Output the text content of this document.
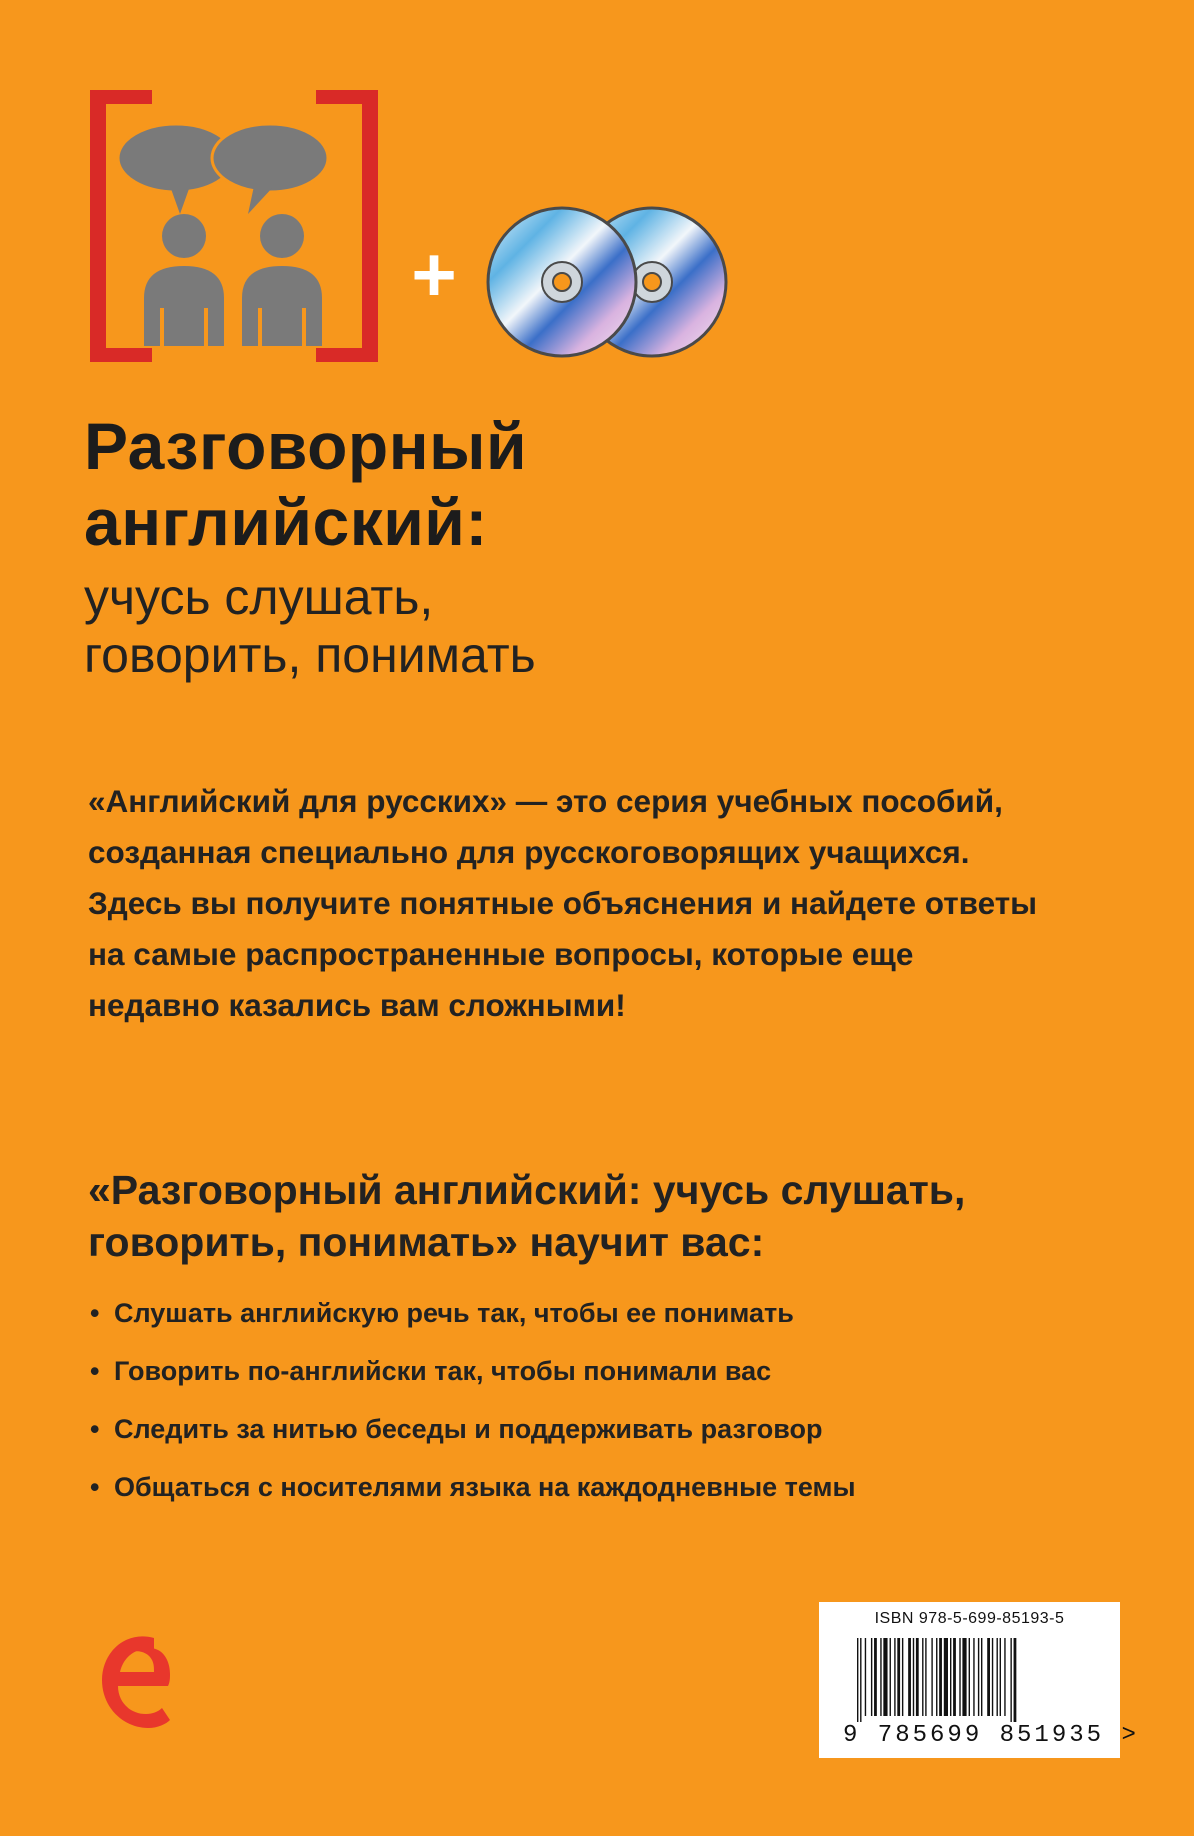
+
Разговорный
английский:
учусь слушать,
говорить, понимать
«Английский для русских» — это серия учебных пособий,
созданная специально для русскоговорящих учащихся.
Здесь вы получите понятные объяснения и найдете ответы
на самые распространенные вопросы, которые еще
недавно казались вам сложными!
«Разговорный английский: учусь слушать,
говорить, понимать» научит вас:
• Слушать английскую речь так, чтобы ее понимать
• Говорить по-английски так, чтобы понимали вас
• Следить за нитью беседы и поддерживать разговор
• Общаться с носителями языка на каждодневные темы
ISBN 978-5-699-85193-5
9 785699 851935 >
